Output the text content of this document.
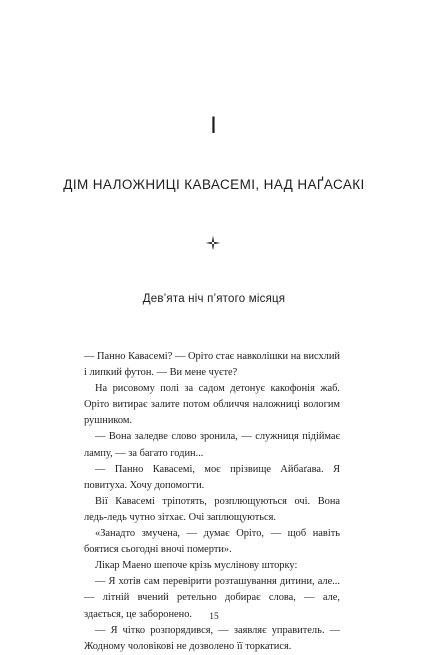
I
ДІМ НАЛОЖНИЦІ КАВАСЕМІ, НАД НАҐАСАКІ
Дев’ята ніч п’ятого місяця

— Панно Кавасемі? — Оріто стає навколішки на висхлий і липкий футон. — Ви мене чуєте?

На рисовому полі за садом детонує какофонія жаб. Оріто витирає залите потом обличчя наложниці вологим рушником.

— Вона заледве слово зронила, — служниця підіймає лампу, — за багато годин...

— Панно Кавасемі, моє прізвище Айбаґава. Я повитуха. Хочу допомогти.

Вії Кавасемі тріпотять, розплющуються очі. Вона ледь-ледь чутно зітхає. Очі заплющуються.

«Занадто змучена, — думає Оріто, — щоб навіть боятися сьогодні вночі померти».

Лікар Маено шепоче крізь муслінову шторку:

— Я хотів сам перевірити розташування дитини, але... — літній вчений ретельно добирає слова, — але, здається, це заборонено.

— Я чітко розпорядився, — заявляє управитель. — Жодному чоловікові не дозволено її торкатися.

15
